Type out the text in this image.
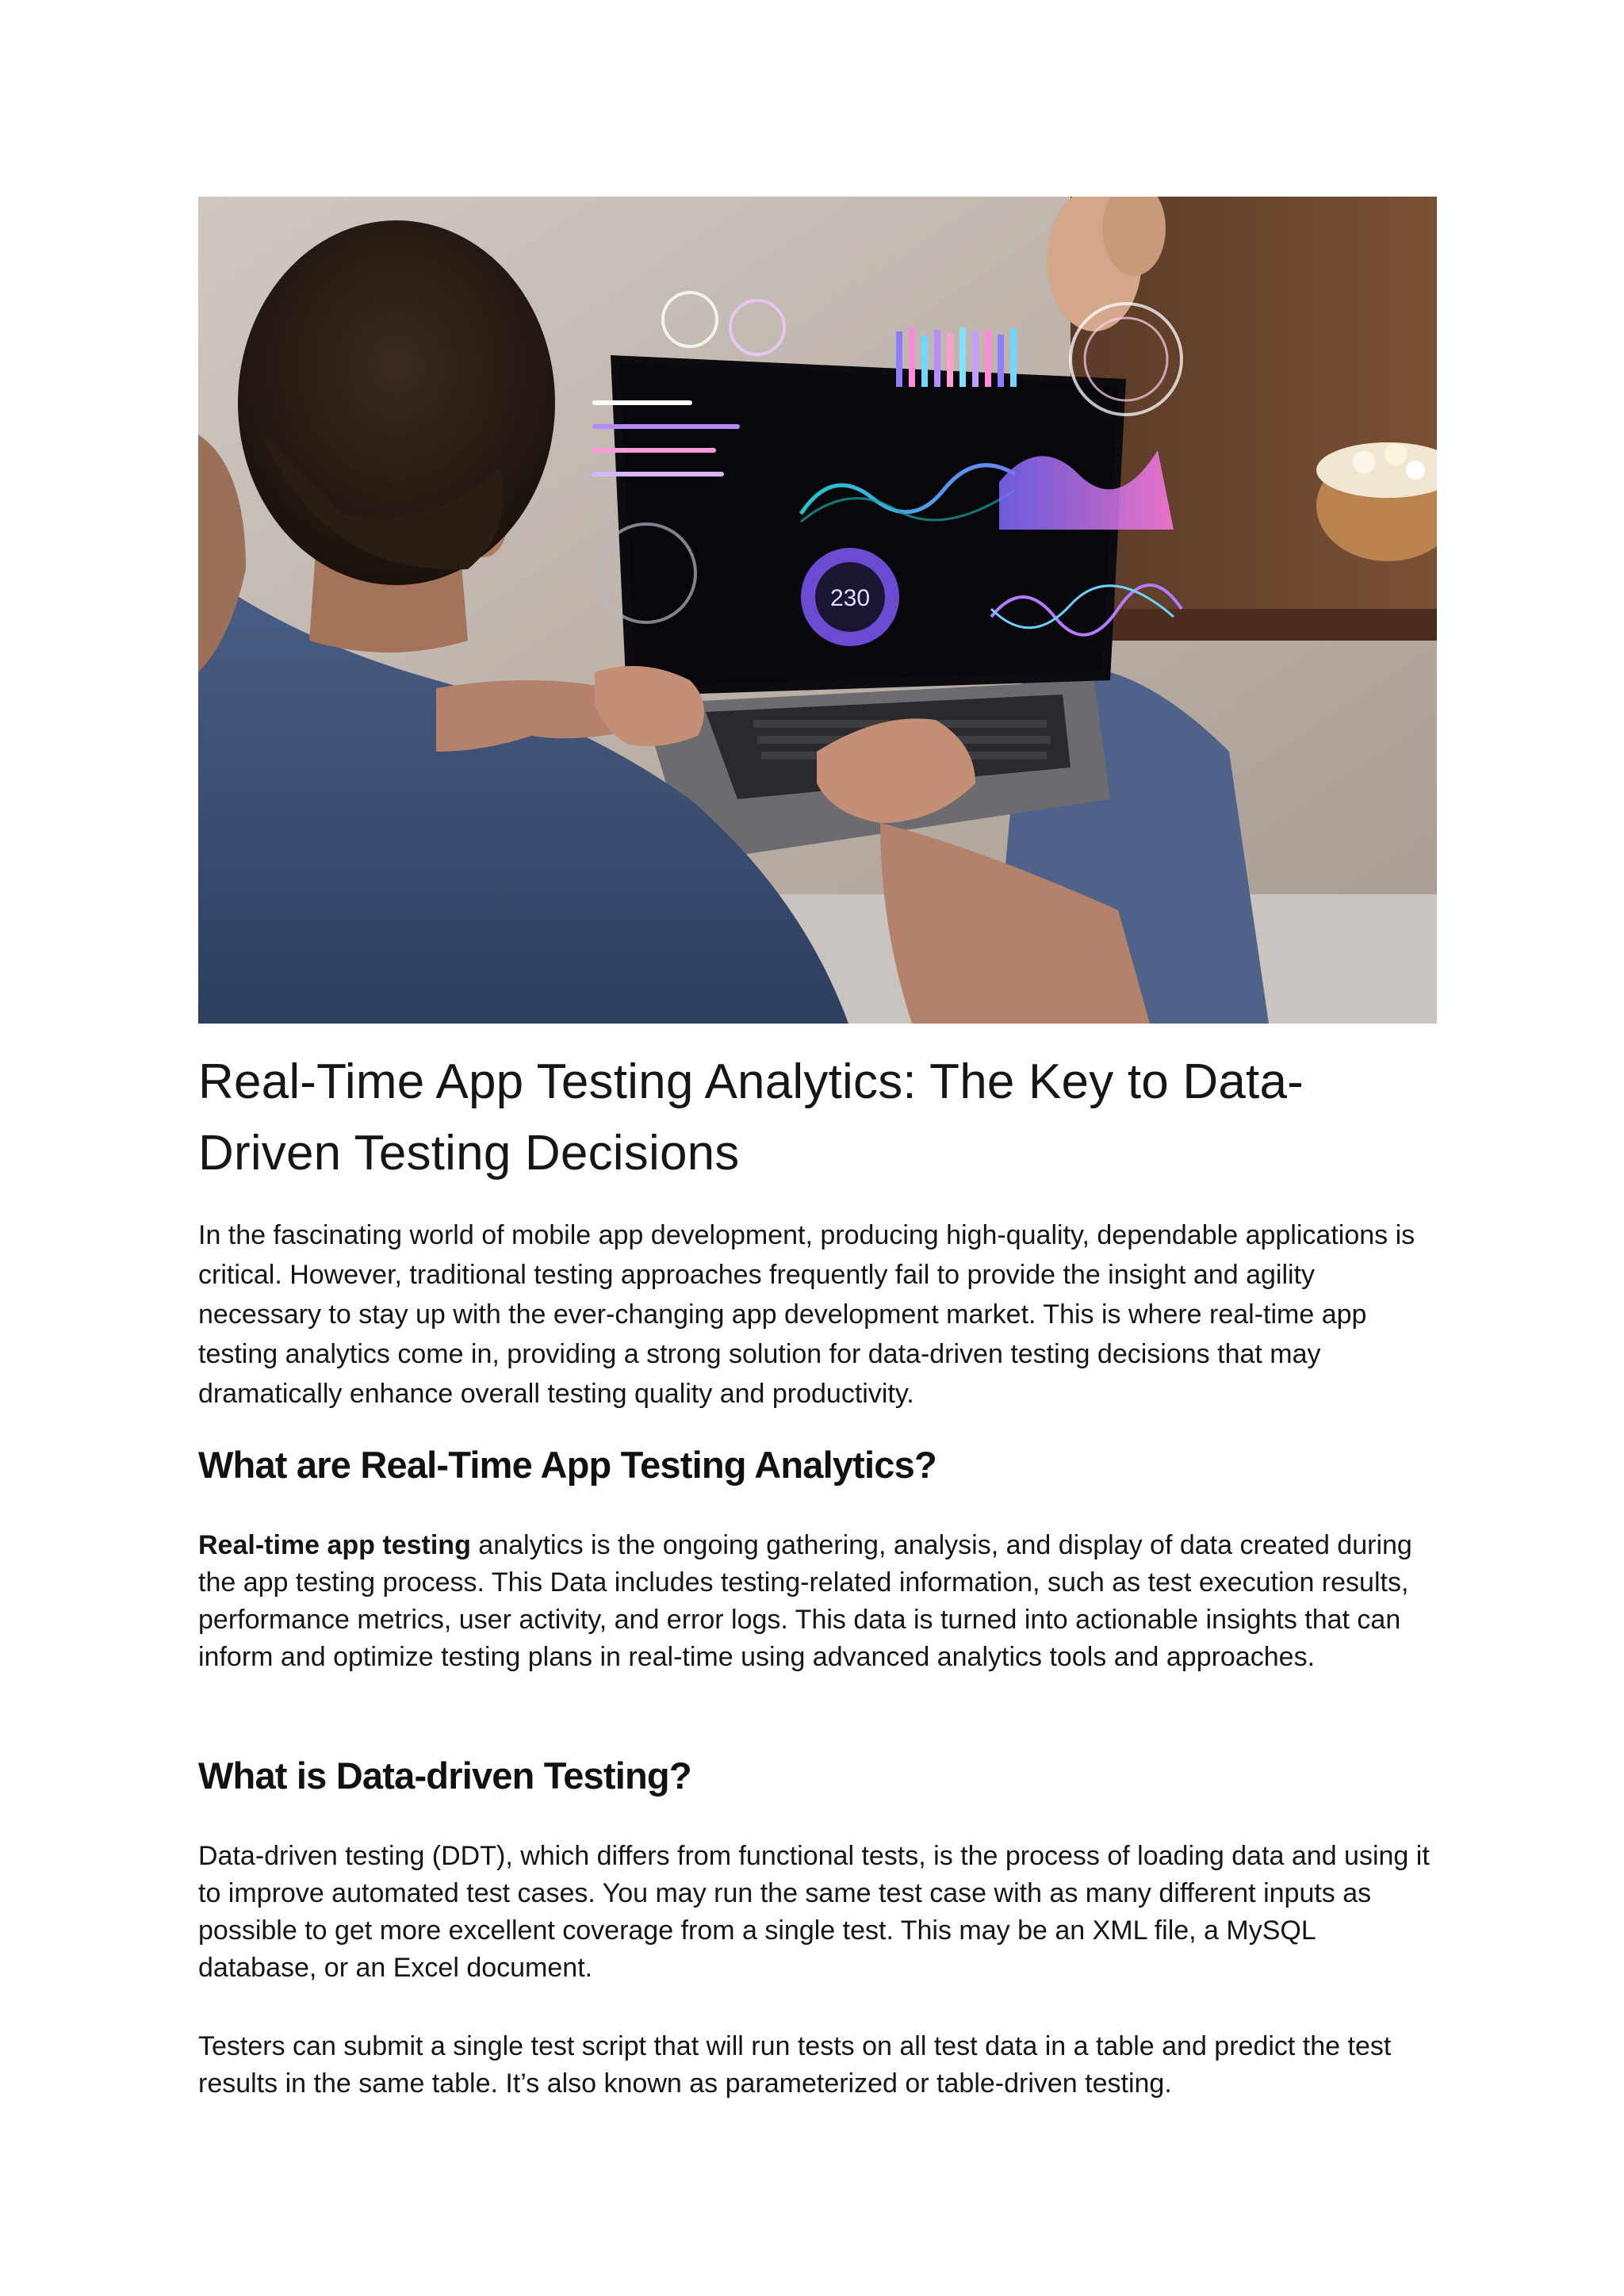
230
Real-Time App Testing Analytics: The Key to Data-Driven Testing Decisions

In the fascinating world of mobile app development, producing high-quality, dependable applications is critical. However, traditional testing approaches frequently fail to provide the insight and agility necessary to stay up with the ever-changing app development market. This is where real-time app testing analytics come in, providing a strong solution for data-driven testing decisions that may dramatically enhance overall testing quality and productivity.

What are Real-Time App Testing Analytics?

Real-time app testing analytics is the ongoing gathering, analysis, and display of data created during the app testing process. This Data includes testing-related information, such as test execution results, performance metrics, user activity, and error logs. This data is turned into actionable insights that can inform and optimize testing plans in real-time using advanced analytics tools and approaches.

What is Data-driven Testing?

Data-driven testing (DDT), which differs from functional tests, is the process of loading data and using it to improve automated test cases. You may run the same test case with as many different inputs as possible to get more excellent coverage from a single test. This may be an XML file, a MySQL database, or an Excel document.

Testers can submit a single test script that will run tests on all test data in a table and predict the test results in the same table. It’s also known as parameterized or table-driven testing.
